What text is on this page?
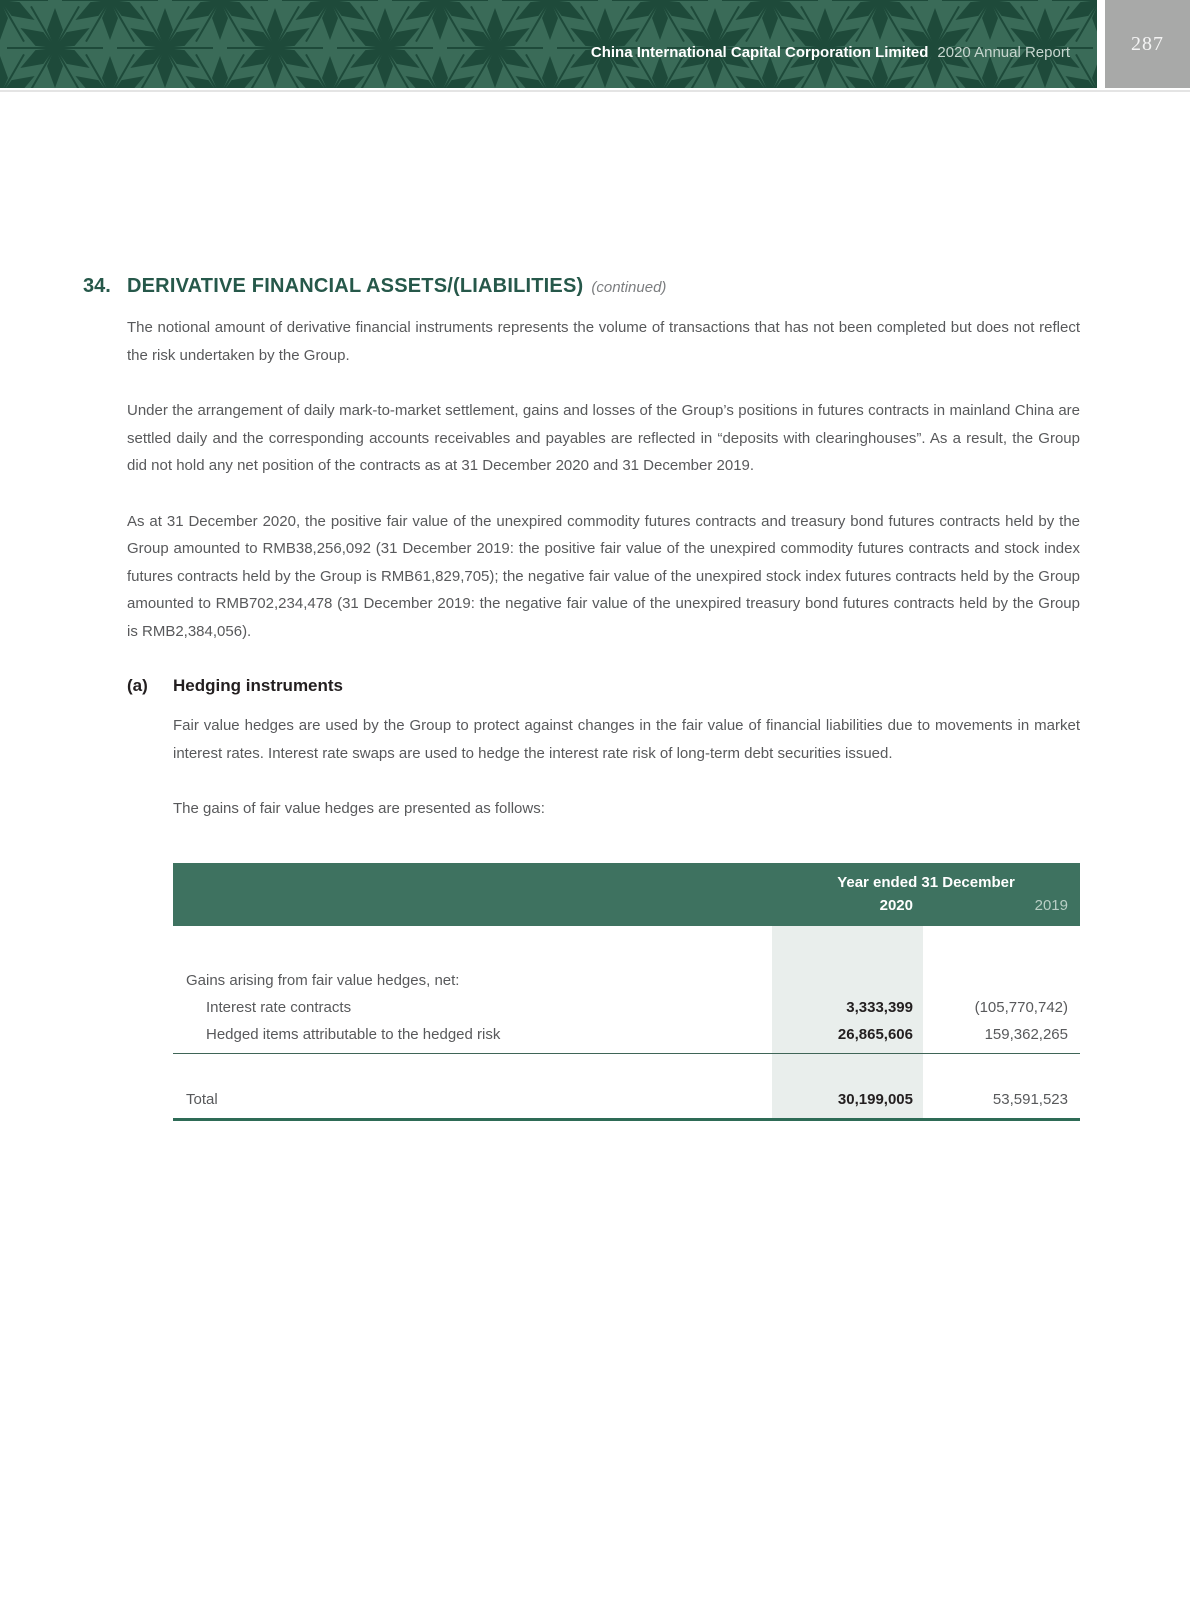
China International Capital Corporation Limited 2020 Annual Report	287
34. DERIVATIVE FINANCIAL ASSETS/(LIABILITIES) (continued)

The notional amount of derivative financial instruments represents the volume of transactions that has not been completed but does not reflect the risk undertaken by the Group.

Under the arrangement of daily mark-to-market settlement, gains and losses of the Group’s positions in futures contracts in mainland China are settled daily and the corresponding accounts receivables and payables are reflected in “deposits with clearinghouses”. As a result, the Group did not hold any net position of the contracts as at 31 December 2020 and 31 December 2019.

As at 31 December 2020, the positive fair value of the unexpired commodity futures contracts and treasury bond futures contracts held by the Group amounted to RMB38,256,092 (31 December 2019: the positive fair value of the unexpired commodity futures contracts and stock index futures contracts held by the Group is RMB61,829,705); the negative fair value of the unexpired stock index futures contracts held by the Group amounted to RMB702,234,478 (31 December 2019: the negative fair value of the unexpired treasury bond futures contracts held by the Group is RMB2,384,056).

(a)	Hedging instruments

Fair value hedges are used by the Group to protect against changes in the fair value of financial liabilities due to movements in market interest rates. Interest rate swaps are used to hedge the interest rate risk of long-term debt securities issued.

The gains of fair value hedges are presented as follows:

Year ended 31 December
2020	2019
Gains arising from fair value hedges, net:
Interest rate contracts	3,333,399	(105,770,742)
Hedged items attributable to the hedged risk	26,865,606	159,362,265
Total	30,199,005	53,591,523
